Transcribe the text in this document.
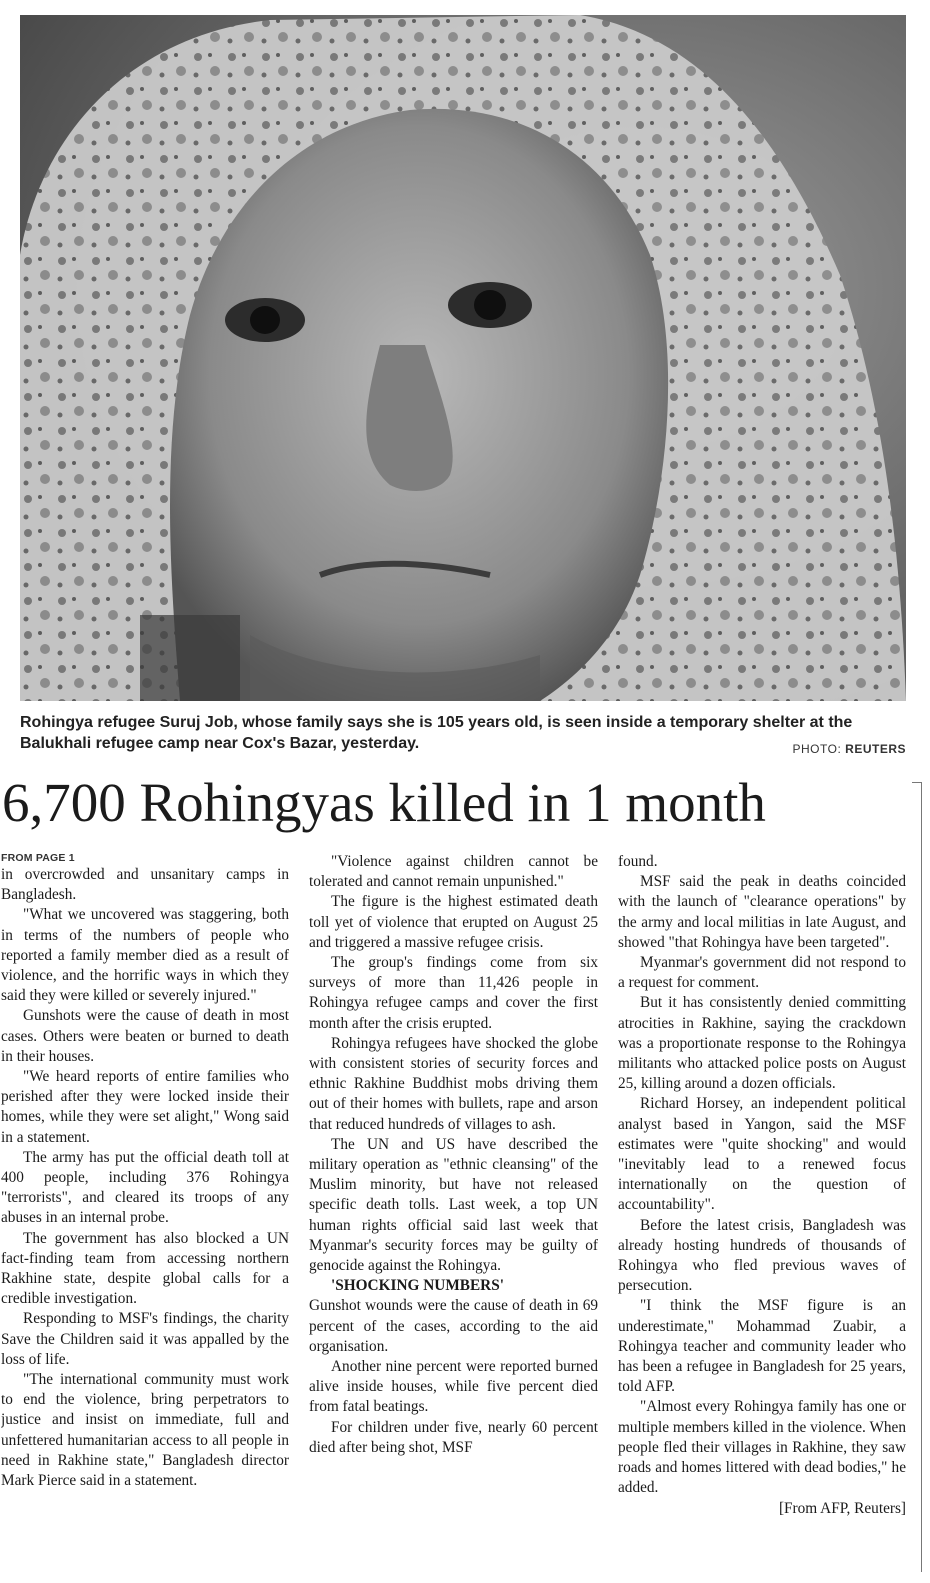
Rohingya refugee Suruj Job, whose family says she is 105 years old, is seen inside a temporary shelter at the Balukhali refugee camp near Cox's Bazar, yesterday.	PHOTO: REUTERS
6,700 Rohingyas killed in 1 month
FROM PAGE 1

in overcrowded and unsanitary camps in Bangladesh.

"What we uncovered was staggering, both in terms of the numbers of people who reported a family member died as a result of violence, and the horrific ways in which they said they were killed or severely injured."

Gunshots were the cause of death in most cases. Others were beaten or burned to death in their houses.

"We heard reports of entire families who perished after they were locked inside their homes, while they were set alight," Wong said in a statement.

The army has put the official death toll at 400 people, including 376 Rohingya "terrorists", and cleared its troops of any abuses in an internal probe.

The government has also blocked a UN fact-finding team from accessing northern Rakhine state, despite global calls for a credible investigation.

Responding to MSF's findings, the charity Save the Children said it was appalled by the loss of life.

"The international community must work to end the violence, bring perpetrators to justice and insist on immediate, full and unfettered humanitarian access to all people in need in Rakhine state," Bangladesh director Mark Pierce said in a statement.

"Violence against children cannot be tolerated and cannot remain unpunished."

The figure is the highest estimated death toll yet of violence that erupted on August 25 and triggered a massive refugee crisis.

The group's findings come from six surveys of more than 11,426 people in Rohingya refugee camps and cover the first month after the crisis erupted.

Rohingya refugees have shocked the globe with consistent stories of security forces and ethnic Rakhine Buddhist mobs driving them out of their homes with bullets, rape and arson that reduced hundreds of villages to ash.

The UN and US have described the military operation as "ethnic cleansing" of the Muslim minority, but have not released specific death tolls. Last week, a top UN human rights official said last week that Myanmar's security forces may be guilty of genocide against the Rohingya.

'SHOCKING NUMBERS'

Gunshot wounds were the cause of death in 69 percent of the cases, according to the aid organisation.

Another nine percent were reported burned alive inside houses, while five percent died from fatal beatings.

For children under five, nearly 60 percent died after being shot, MSF

found.

MSF said the peak in deaths coincided with the launch of "clearance operations" by the army and local militias in late August, and showed "that Rohingya have been targeted".

Myanmar's government did not respond to a request for comment.

But it has consistently denied committing atrocities in Rakhine, saying the crackdown was a proportionate response to the Rohingya militants who attacked police posts on August 25, killing around a dozen officials.

Richard Horsey, an independent political analyst based in Yangon, said the MSF estimates were "quite shocking" and would "inevitably lead to a renewed focus internationally on the question of accountability".

Before the latest crisis, Bangladesh was already hosting hundreds of thousands of Rohingya who fled previous waves of persecution.

"I think the MSF figure is an underestimate," Mohammad Zuabir, a Rohingya teacher and community leader who has been a refugee in Bangladesh for 25 years, told AFP.

"Almost every Rohingya family has one or multiple members killed in the violence. When people fled their villages in Rakhine, they saw roads and homes littered with dead bodies," he added.

[From AFP, Reuters]
